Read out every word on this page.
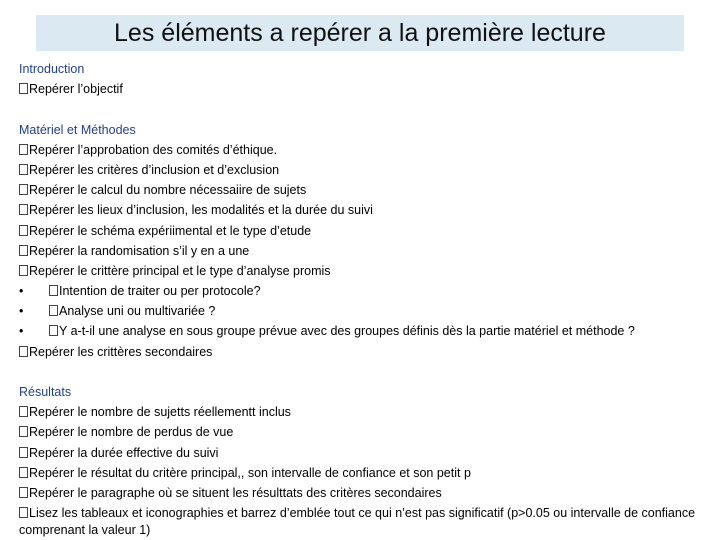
Les éléments a repérer a la première lecture
Introduction
Repérer l’objectif
Matériel et Méthodes
Repérer l’approbation des comités d’éthique.
Repérer les critères d’inclusion et d’exclusion
Repérer le calcul du nombre nécessaiire de sujets
Repérer les lieux d’inclusion, les modalités et la durée du suivi
Repérer le schéma expériimental et le type d’etude
Repérer la randomisation s’il y en a une
Repérer le crittère principal et le type d’analyse promis
•	Intention de traiter ou per protocole?
•	Analyse uni ou multivariée ?
•	Y a-t-il une analyse en sous groupe prévue avec des groupes définis dès la partie matériel et méthode ?
Repérer les crittères secondaires
Résultats
Repérer le nombre de sujetts réellementt inclus
Repérer le nombre de perdus de vue
Repérer la durée effective du suivi
Repérer le résultat du critère principal,, son intervalle de confiance et son petit p
Repérer le paragraphe où se situent les résulttats des critères secondaires
Lisez les tableaux et iconographies et barrez d’emblée tout ce qui n’est pas significatif (p>0.05 ou intervalle de confiance comprenant la valeur 1)
